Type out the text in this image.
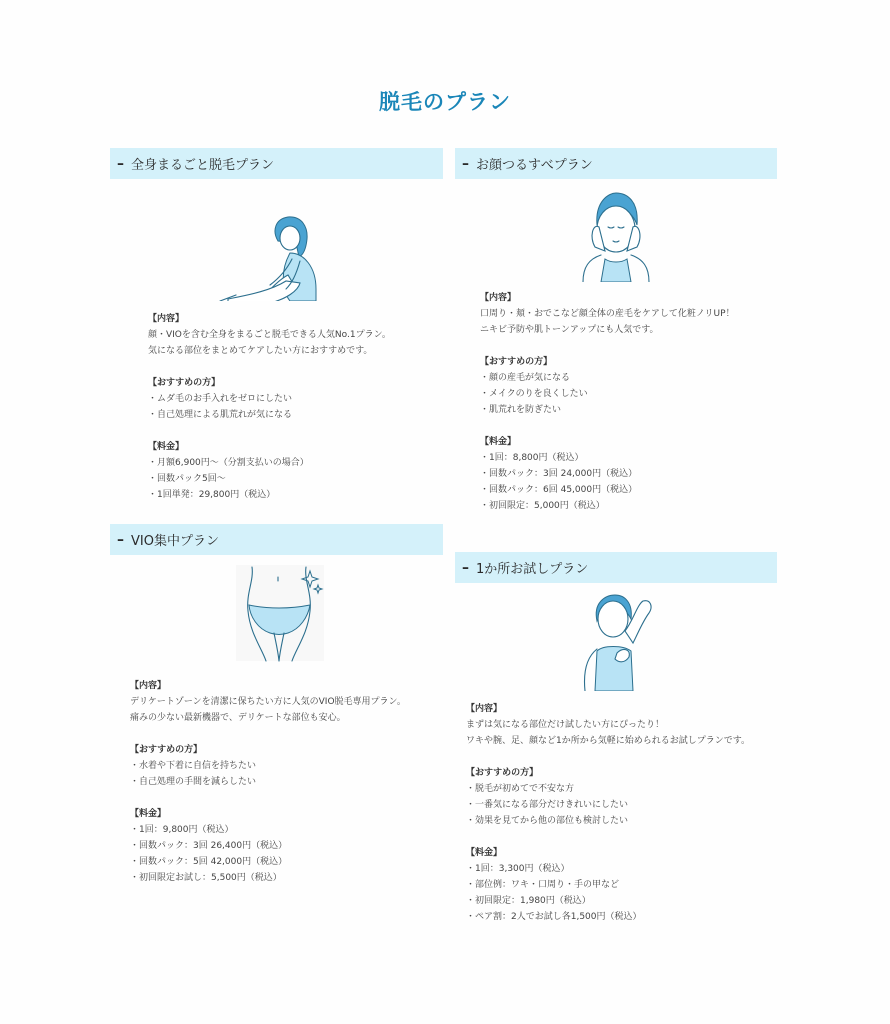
脱毛のプラン
– 全身まるごと脱毛プラン
【内容】
顔・VIOを含む全身をまるごと脱毛できる人気No.1プラン。
気になる部位をまとめてケアしたい方におすすめです。
【おすすめの方】
・ムダ毛のお手入れをゼロにしたい
・自己処理による肌荒れが気になる
【料金】
・月額6,900円〜（分割支払いの場合）
・回数パック5回〜
・1回単発：29,800円（税込）
– お顔つるすべプラン
【内容】
口周り・頬・おでこなど顔全体の産毛をケアして化粧ノリUP！
ニキビ予防や肌トーンアップにも人気です。
【おすすめの方】
・顔の産毛が気になる
・メイクのりを良くしたい
・肌荒れを防ぎたい
【料金】
・1回：8,800円（税込）
・回数パック：3回 24,000円（税込）
・回数パック：6回 45,000円（税込）
・初回限定：5,000円（税込）
– VIO集中プラン
【内容】
デリケートゾーンを清潔に保ちたい方に人気のVIO脱毛専用プラン。
痛みの少ない最新機器で、デリケートな部位も安心。
【おすすめの方】
・水着や下着に自信を持ちたい
・自己処理の手間を減らしたい
【料金】
・1回：9,800円（税込）
・回数パック：3回 26,400円（税込）
・回数パック：5回 42,000円（税込）
・初回限定お試し：5,500円（税込）
– 1か所お試しプラン
【内容】
まずは気になる部位だけ試したい方にぴったり！
ワキや腕、足、顔など1か所から気軽に始められるお試しプランです。
【おすすめの方】
・脱毛が初めてで不安な方
・一番気になる部分だけきれいにしたい
・効果を見てから他の部位も検討したい
【料金】
・1回：3,300円（税込）
・部位例：ワキ・口周り・手の甲など
・初回限定：1,980円（税込）
・ペア割：2人でお試し各1,500円（税込）
